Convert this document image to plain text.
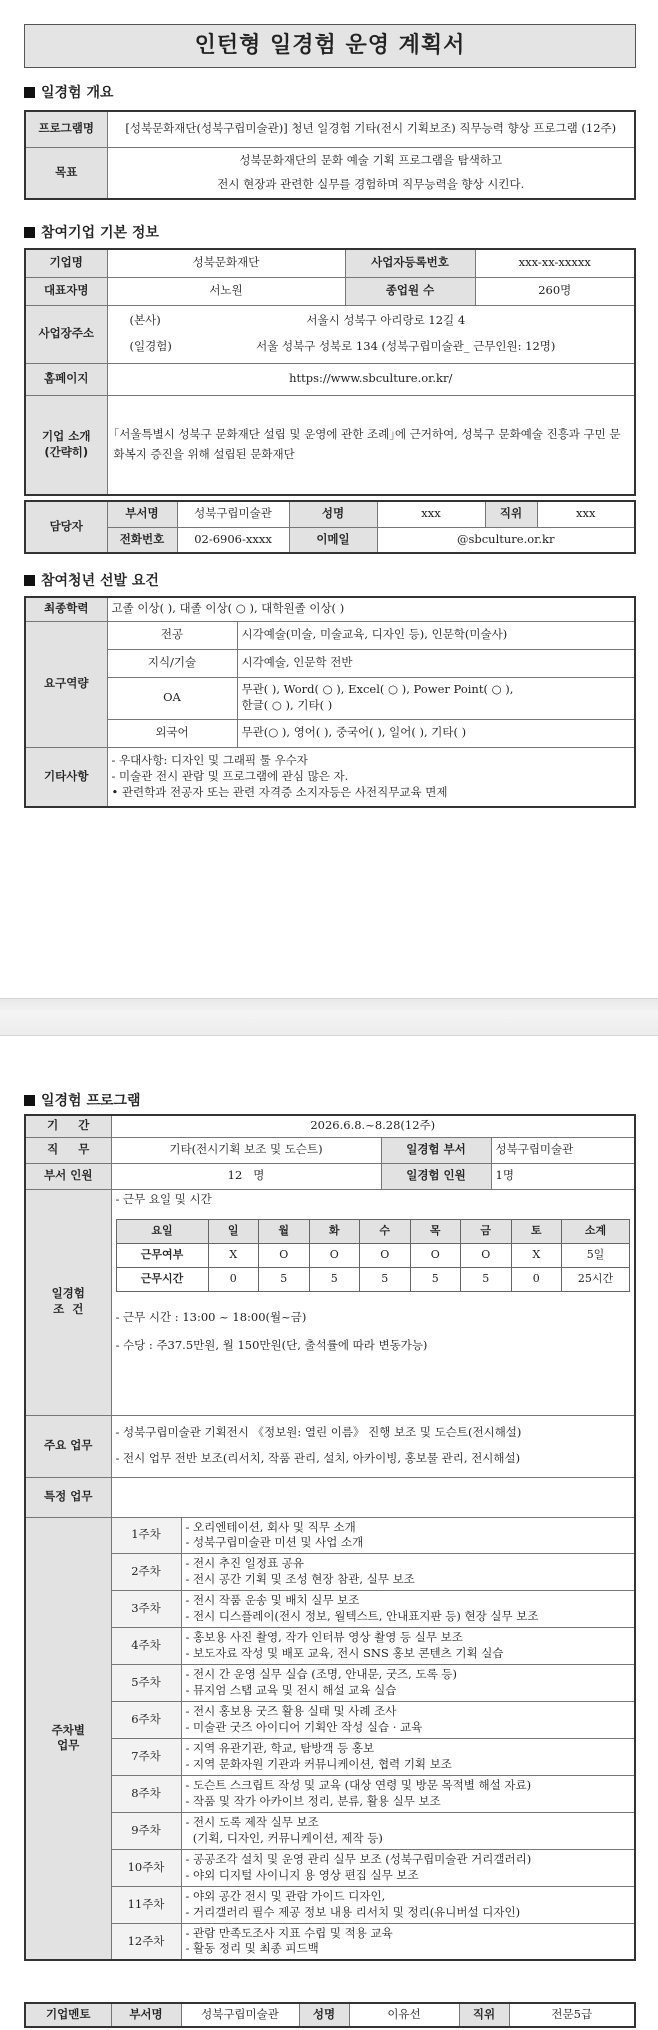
인턴형 일경험 운영 계획서
일경험 개요
프로그램명	[성북문화재단(성북구립미술관)] 청년 일경험 기타(전시 기획보조) 직무능력 향상 프로그램 (12주)
목표	성북문화재단의 문화 예술 기획 프로그램을 탐색하고
전시 현장과 관련한 실무를 경험하며 직무능력을 향상 시킨다.
참여기업 기본 정보
기업명	성북문화재단	사업자등록번호	xxx-xx-xxxxx
대표자명	서노원	종업원 수	260명
사업장주소	(본사) 서울시 성북구 아리랑로 12길 4
(일경험) 서울 성북구 성북로 134 (성북구립미술관_ 근무인원: 12명)		

홈페이지	https://www.sbculture.or.kr/		

기업 소개
(간략히)	｢서울특별시 성북구 문화재단 설립 및 운영에 관한 조례｣에 근거하여, 성북구 문화예술 진흥과 구민 문화복지 증진을 위해 설립된 문화재단		
담당자	부서명	성북구립미술관	성명	xxx	직위	xxx
	전화번호	02-6906-xxxx	이메일	@sbculture.or.kr		
참여청년 선발 요건
최종학력	고졸 이상( ), 대졸 이상( ○ ), 대학원졸 이상( )	
요구역량	전공	시각예술(미술, 미술교육, 디자인 등), 인문학(미술사)
	지식/기술	시각예술, 인문학 전반
	OA	무관( ), Word( ○ ), Excel( ○ ), Power Point( ○ ),
한글( ○ ), 기타( )

	외국어	무관(○ ), 영어( ), 중국어( ), 일어( ), 기타( )
기타사항	- 우대사항: 디자인 및 그래픽 툴 우수자
- 미술관 전시 관람 및 프로그램에 관심 많은 자.
• 관련학과 전공자 또는 관련 자격증 소지자등은 사전직무교육 면제	
일경험 프로그램
기     간	2026.6.8.~8.28(12주)
직     무	기타(전시기획 보조 및 도슨트)	일경험 부서	성북구립미술관
부서 인원	12   명	일경험 인원	1명

일경험
조  건

- 근무 요일 및 시간
요일	일	월	화	수	목	금	토	소계
근무여부	X	O	O	O	O	O	X	5일
근무시간	0	5	5	5	5	5	0	25시간
- 근무 시간 : 13:00 ~ 18:00(월~금)
- 수당 : 주37.5만원, 월 150만원(단, 출석률에 따라 변동가능)

주요 업무	
- 성북구립미술관 기획전시 《정보원: 열린 이름》 진행 보조 및 도슨트(전시해설)
- 전시 업무 전반 보조(리서치, 작품 관리, 설치, 아카이빙, 홍보물 관리, 전시해설)

특정 업무	

주차별
업무
	1주차	
- 오리엔테이션, 회사 및 직무 소개
- 성북구립미술관 미션 및 사업 소개

2주차	
- 전시 추진 일정표 공유
- 전시 공간 기획 및 조성 현장 참관, 실무 보조

3주차	
- 전시 작품 운송 및 배치 실무 보조
- 전시 디스플레이(전시 정보, 월텍스트, 안내표지판 등) 현장 실무 보조

4주차	
- 홍보용 사진 촬영, 작가 인터뷰 영상 촬영 등 실무 보조
- 보도자료 작성 및 배포 교육, 전시 SNS 홍보 콘텐츠 기획 실습

5주차	
- 전시 간 운영 실무 실습 (조명, 안내문, 굿즈, 도록 등)
- 뮤지엄 스탭 교육 및 전시 해설 교육 실습

6주차	
- 전시 홍보용 굿즈 활용 실태 및 사례 조사
- 미술관 굿즈 아이디어 기획안 작성 실습 · 교육

7주차	
- 지역 유관기관, 학교, 탐방객 등 홍보
- 지역 문화자원 기관과 커뮤니케이션, 협력 기획 보조

8주차	
- 도슨트 스크립트 작성 및 교육 (대상 연령 및 방문 목적별 해설 자료)
- 작품 및 작가 아카이브 정리, 분류, 활용 실무 보조

9주차	
- 전시 도록 제작 실무 보조
(기획, 디자인, 커뮤니케이션, 제작 등)

10주차	
- 공공조각 설치 및 운영 관리 실무 보조 (성북구립미술관 거리갤러리)
- 야외 디지털 사이니지 용 영상 편집 실무 보조

11주차	
- 야외 공간 전시 및 관람 가이드 디자인,
- 거리갤러리 필수 제공 정보 내용 리서치 및 정리(유니버설 디자인)

12주차	
- 관람 만족도조사 지표 수립 및 적용 교육
- 활동 정리 및 최종 피드백
기업멘토	부서명	성북구립미술관	성명	이유선	직위	전문5급
